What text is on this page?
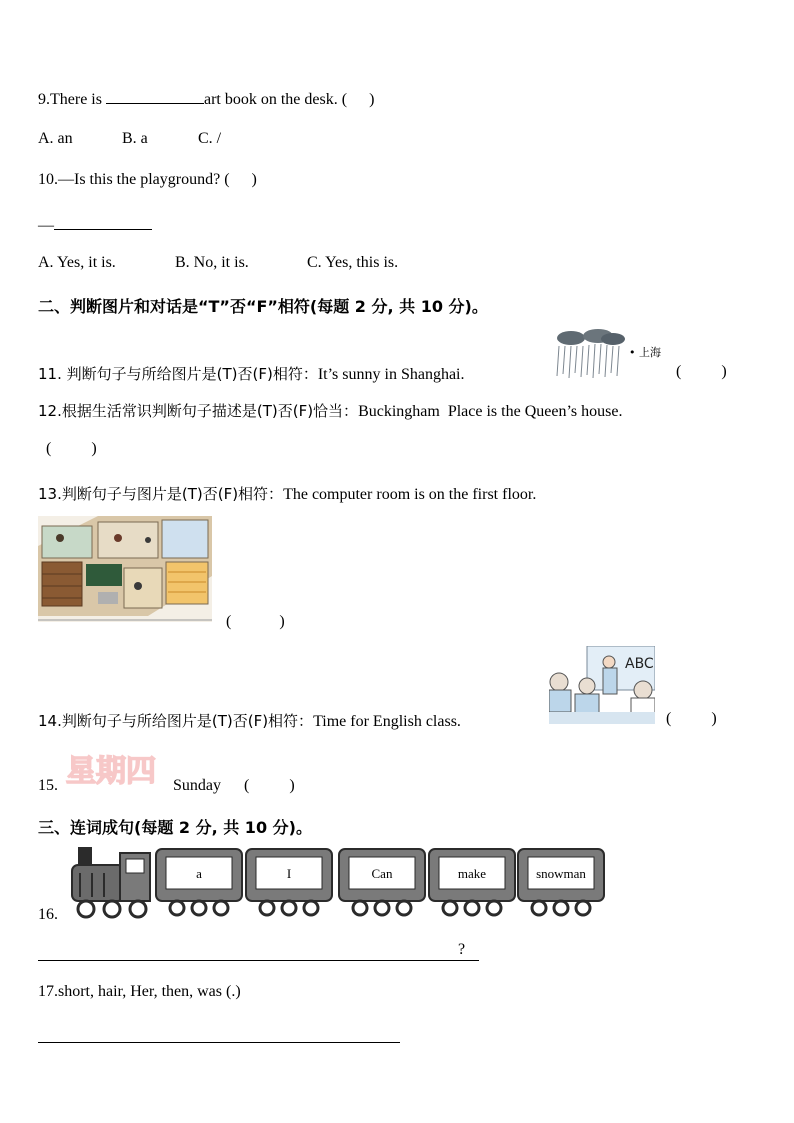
9.There is	art book on the desk. ( )
A. an	B. a	C. /
10.—Is this the playground? ( )
—
A. Yes, it is.	B. No, it is.	C. Yes, this is.
二、判断图片和对话是“T”否“F”相符(每题 2 分, 共 10 分)。
• 上海
11. 判断句子与所给图片是(T)否(F)相符：It’s sunny in Shanghai.	(          )
12.根据生活常识判断句子描述是(T)否(F)恰当：Buckingham  Place is the Queen’s house.
(          )
13.判断句子与图片是(T)否(F)相符：The computer room is on the first floor.
(            )
ABC
14.判断句子与所给图片是(T)否(F)相符：Time for English class.	(          )
15. 星期四 Sunday (          )
三、连词成句(每题 2 分, 共 10 分)。
16.
a	I	Can	make	snowman
?
17.short, hair, Her, then, was (.)
